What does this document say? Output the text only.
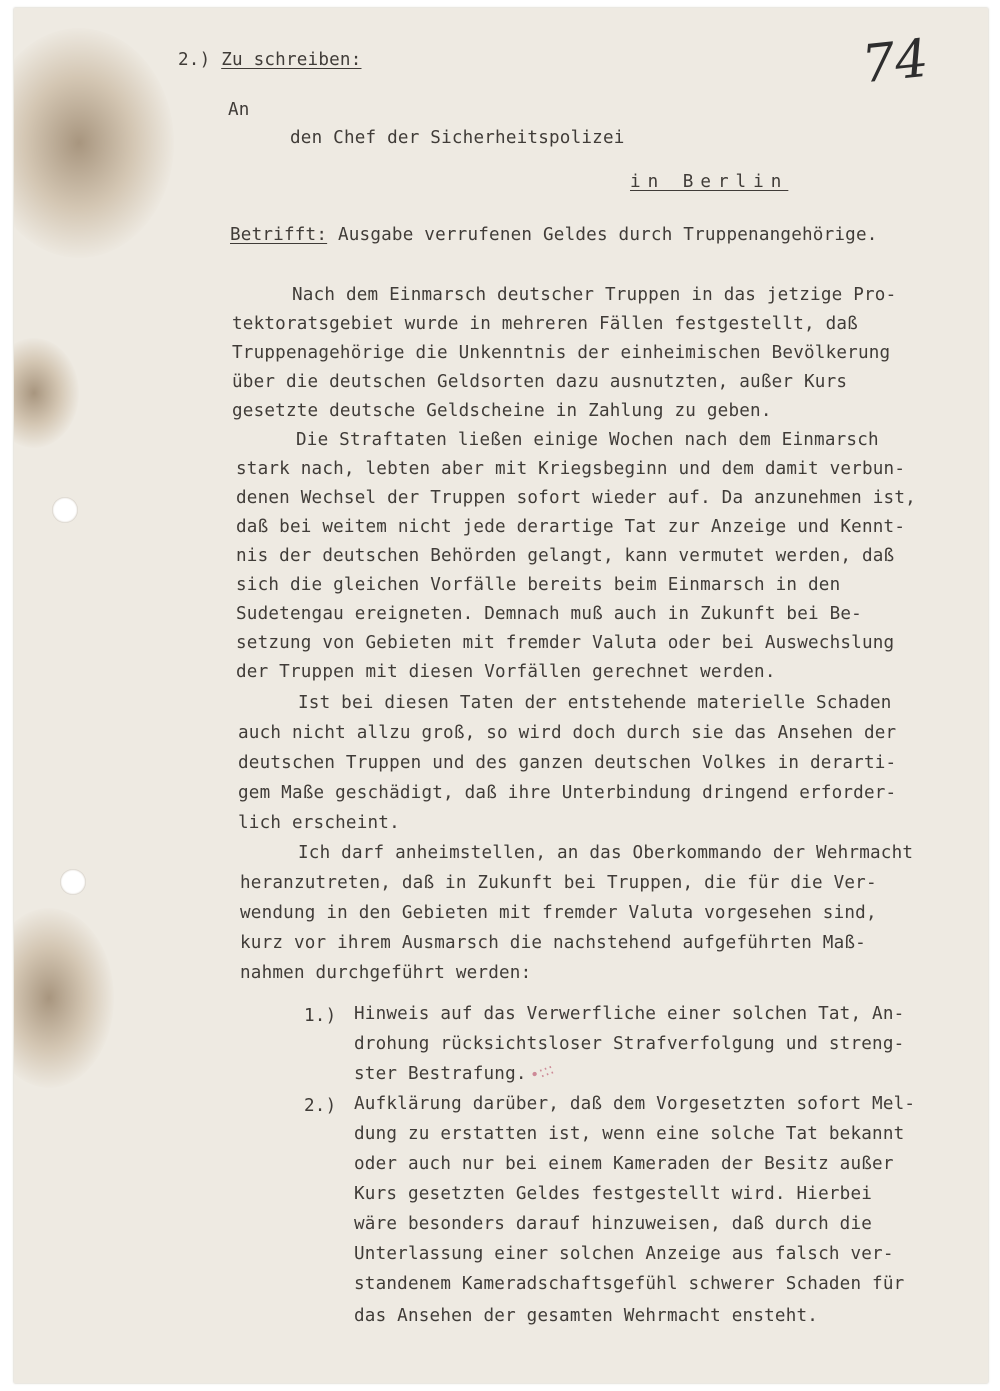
74
2.) Zu schreiben:
An
den Chef der Sicherheitspolizei
in Berlin
Betrifft: Ausgabe verrufenen Geldes durch Truppenangehörige.
Nach dem Einmarsch deutscher Truppen in das jetzige Pro-
tektoratsgebiet wurde in mehreren Fällen festgestellt, daß
Truppenagehörige die Unkenntnis der einheimischen Bevölkerung
über die deutschen Geldsorten dazu ausnutzten, außer Kurs
gesetzte deutsche Geldscheine in Zahlung zu geben.
Die Straftaten ließen einige Wochen nach dem Einmarsch
stark nach, lebten aber mit Kriegsbeginn und dem damit verbun-
denen Wechsel der Truppen sofort wieder auf. Da anzunehmen ist,
daß bei weitem nicht jede derartige Tat zur Anzeige und Kennt-
nis der deutschen Behörden gelangt, kann vermutet werden, daß
sich die gleichen Vorfälle bereits beim Einmarsch in den
Sudetengau ereigneten. Demnach muß auch in Zukunft bei Be-
setzung von Gebieten mit fremder Valuta oder bei Auswechslung
der Truppen mit diesen Vorfällen gerechnet werden.
Ist bei diesen Taten der entstehende materielle Schaden
auch nicht allzu groß, so wird doch durch sie das Ansehen der
deutschen Truppen und des ganzen deutschen Volkes in derarti-
gem Maße geschädigt, daß ihre Unterbindung dringend erforder-
lich erscheint.
Ich darf anheimstellen, an das Oberkommando der Wehrmacht
heranzutreten, daß in Zukunft bei Truppen, die für die Ver-
wendung in den Gebieten mit fremder Valuta vorgesehen sind,
kurz vor ihrem Ausmarsch die nachstehend aufgeführten Maß-
nahmen durchgeführt werden:
1.) Hinweis auf das Verwerfliche einer solchen Tat, An-
drohung rücksichtsloser Strafverfolgung und streng-
ster Bestrafung.
2.) Aufklärung darüber, daß dem Vorgesetzten sofort Mel-
dung zu erstatten ist, wenn eine solche Tat bekannt
oder auch nur bei einem Kameraden der Besitz außer
Kurs gesetzten Geldes festgestellt wird. Hierbei
wäre besonders darauf hinzuweisen, daß durch die
Unterlassung einer solchen Anzeige aus falsch ver-
standenem Kameradschaftsgefühl schwerer Schaden für
das Ansehen der gesamten Wehrmacht ensteht.
•:::
